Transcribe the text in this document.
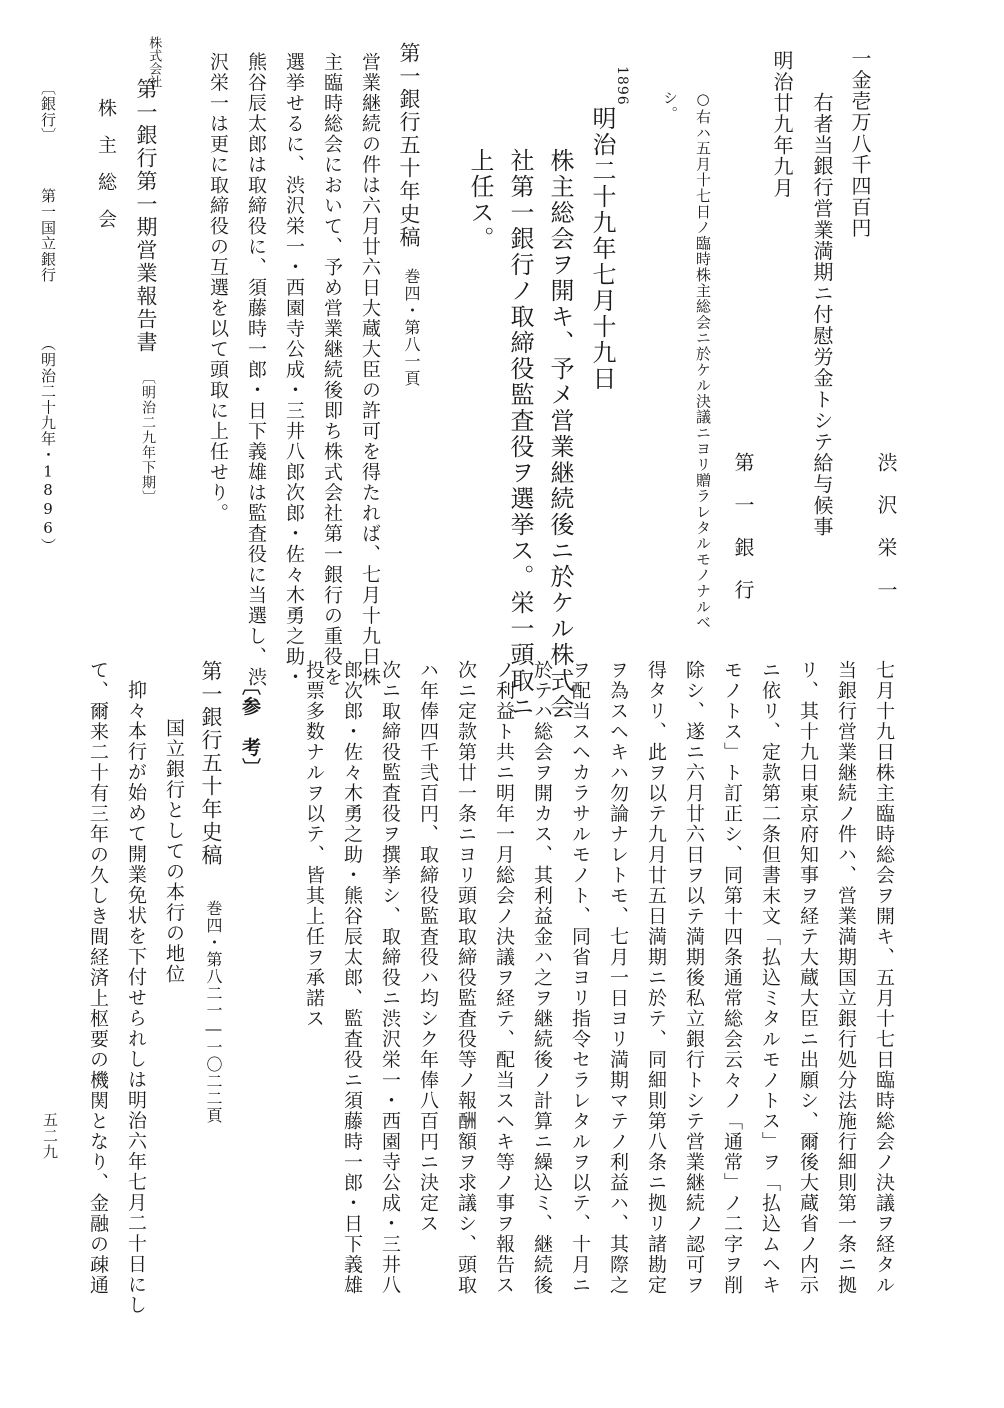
一金壱万八千四百円
渋　沢　栄　一
右者当銀行営業満期ニ付慰労金トシテ給与候事
明治廿九年九月
第　一　銀　行
○右ハ五月十七日ノ臨時株主総会ニ於ケル決議ニヨリ贈ラレタルモノナルベ
シ。
1896
明治二十九年七月十九日
株主総会ヲ開キ、予メ営業継続後ニ於ケル株式会
社第一銀行ノ取締役監査役ヲ選挙ス。栄一頭取ニ
上任ス。
第一銀行五十年史稿
巻四・第八一頁
営業継続の件は六月廿六日大蔵大臣の許可を得たれば、七月十九日株
主臨時総会において、予め営業継続後即ち株式会社第一銀行の重役を
選挙せるに、渋沢栄一・西園寺公成・三井八郎次郎・佐々木勇之助・
熊谷辰太郎は取締役に、須藤時一郎・日下義雄は監査役に当選し、渋
沢栄一は更に取締役の互選を以て頭取に上任せり。
株式会社
第一銀行第一期営業報告書
〔明治二九年下期〕
株主総会
〔銀行〕
第一国立銀行
（明治二十九年・1896）
七月十九日株主臨時総会ヲ開キ、五月十七日臨時総会ノ決議ヲ経タル
当銀行営業継続ノ件ハ、営業満期国立銀行処分法施行細則第一条ニ拠
リ、其十九日東京府知事ヲ経テ大蔵大臣ニ出願シ、爾後大蔵省ノ内示
ニ依リ、定款第二条但書末文「払込ミタルモノトス」ヲ「払込ムヘキ
モノトス」ト訂正シ、同第十四条通常総会云々ノ「通常」ノ二字ヲ削
除シ、遂ニ六月廿六日ヲ以テ満期後私立銀行トシテ営業継続ノ認可ヲ
得タリ、此ヲ以テ九月廿五日満期ニ於テ、同細則第八条ニ拠リ諸勘定
ヲ為スヘキハ勿論ナレトモ、七月一日ヨリ満期マテノ利益ハ、其際之
ヲ配当スヘカラサルモノト、同省ヨリ指令セラレタルヲ以テ、十月ニ
於テハ総会ヲ開カス、其利益金ハ之ヲ継続後ノ計算ニ繰込ミ、継続後
ノ利益ト共ニ明年一月総会ノ決議ヲ経テ、配当スヘキ等ノ事ヲ報告ス
次ニ定款第廿一条ニヨリ頭取取締役監査役等ノ報酬額ヲ求議シ、頭取
ハ年俸四千弐百円、取締役監査役ハ均シク年俸八百円ニ決定ス
次ニ取締役監査役ヲ撰挙シ、取締役ニ渋沢栄一・西園寺公成・三井八
郎次郎・佐々木勇之助・熊谷辰太郎、監査役ニ須藤時一郎・日下義雄
投票多数ナルヲ以テ、皆其上任ヲ承諾ス
〔参　考〕
第一銀行五十年史稿
巻四・第八二一―一〇二二頁
国立銀行としての本行の地位
抑々本行が始めて開業免状を下付せられしは明治六年七月二十日にし
て、爾来二十有三年の久しき間経済上枢要の機関となり、金融の疎通
五二九
